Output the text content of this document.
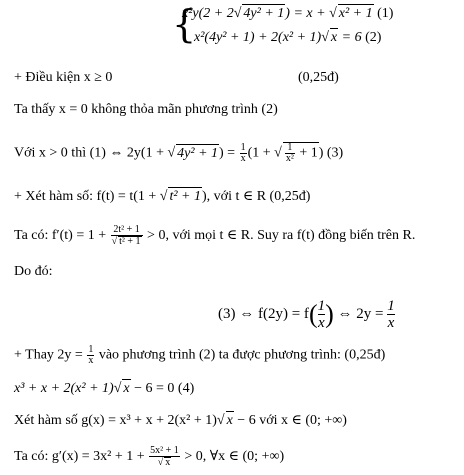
{
x²y(2 + 2√ 4y² + 1) = x + √ x² + 1 (1)
x²(4y² + 1) + 2(x² + 1)√ x = 6 (2)
+ Điều kiện x ≥ 0	(0,25đ)
Ta thấy x = 0 không thỏa mãn phương trình (2)
Với x > 0 thì (1) ⇔ 2y(1 + √ $4y^2 + 1) = \frac{1}{x} (1$ + √ $\frac{1}{\text{x²}} + 1$) (3)
+ Xét hàm số: f(t) = t(1 + √ t² + 1), với t ∈ R (0,25đ)
Ta có: $f'(t) = 1 + \frac{\text{2t² + 1}}{\text{√ t² + 1}} > 0$, với mọi t ∈ R. Suy ra f(t) đồng biến trên R.
Do đó:
(3) ⇔ $f(2y) = f( \frac{1}{x}$ ) ⇔ $2y = \frac{1}{x}$
+ Thay $2y = \frac{1}{x}$ vào phương trình (2) ta được phương trình: (0,25đ)
x³ + x + 2(x² + 1)√ x − 6 = 0 (4)
Xét hàm số g(x) = x³ + x + 2(x² + 1)√ x − 6 với x ∈ (0; +∞)
Ta có: $g'(x) = 3x^2 + 1 + \frac{\text{5x² + 1}}{√ x} > 0$, ∀x ∈ (0; +∞)
